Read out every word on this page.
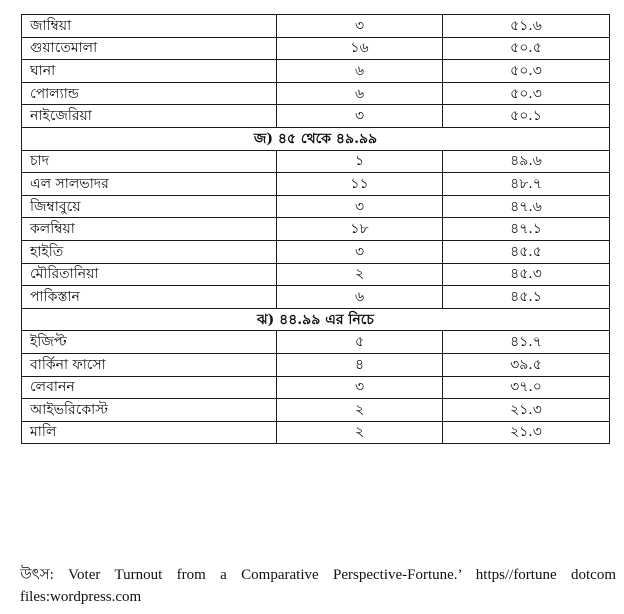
জাম্বিয়া	৩	৫১.৬
গুয়াতেমালা	১৬	৫০.৫
ঘানা	৬	৫০.৩
পোল্যান্ড	৬	৫০.৩
নাইজেরিয়া	৩	৫০.১
জ) ৪৫ থেকে ৪৯.৯৯		
চাদ	১	৪৯.৬
এল সালভাদর	১১	৪৮.৭
জিম্বাবুয়ে	৩	৪৭.৬
কলম্বিয়া	১৮	৪৭.১
হাইতি	৩	৪৫.৫
মৌরিতানিয়া	২	৪৫.৩
পাকিস্তান	৬	৪৫.১
ঝ) ৪৪.৯৯ এর নিচে		
ইজিপ্ট	৫	৪১.৭
বার্কিনা ফাসো	৪	৩৯.৫
লেবানন	৩	৩৭.০
আইভরিকোস্ট	২	২১.৩
মালি	২	২১.৩
উৎস: Voter Turnout from a Comparative Perspective-Fortune.’ https//fortune dotcom files:wordpress.com
